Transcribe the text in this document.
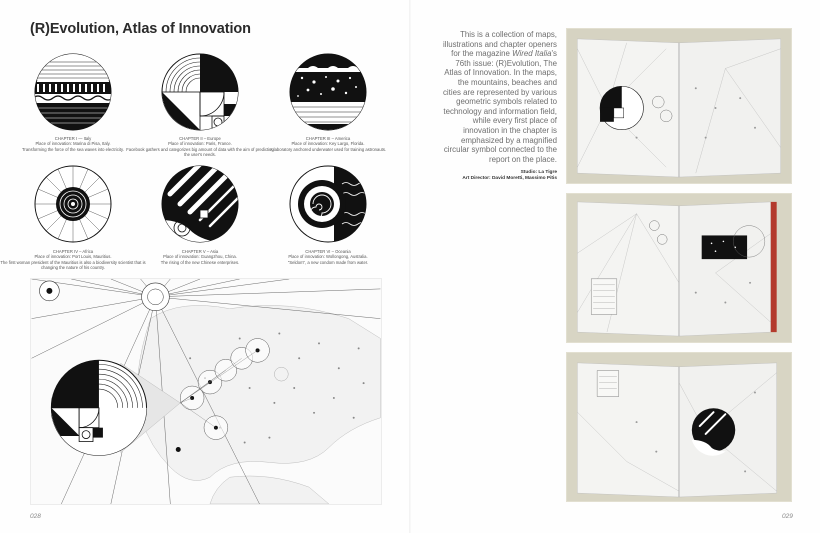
(R)Evolution, Atlas of Innovation
CHAPTER I — Italy
Place of innovation: Marina di Pisa, Italy.
Transforming the force of the sea waves into electricity.
CHAPTER II – Europe
Place of innovation: Paris, France.
Facebook gathers and categorizes big amount of data with the aim of predicting the user's needs.
CHAPTER III – America
Place of innovation: Key Largo, Florida.
A laboratory anchored underwater used for training astronauts.
CHAPTER IV – Africa
Place of innovation: Port Louis, Mauritius.
The first woman president of the Mauritius is also a biodiversity scientist that is changing the nature of his country.
CHAPTER V – Asia
Place of innovation: Guangzhou, China.
The rising of the new Chinese enterprises.
CHAPTER VI – Oceania
Place of innovation: Wollongong, Australia.
"Seldom", a new condom made from water.
028
This is a collection of maps, illustrations and chapter openers for the magazine Wired Italia's 76th issue: (R)Evolution, The Atlas of Innovation. In the maps, the mountains, beaches and cities are represented by various geometric symbols related to technology and information field, while every first place of innovation in the chapter is emphasized by a magnified circular symbol connected to the report on the place.
Studio: La Tigre
Art Director: David Moretti, Massimo Pitis
029
